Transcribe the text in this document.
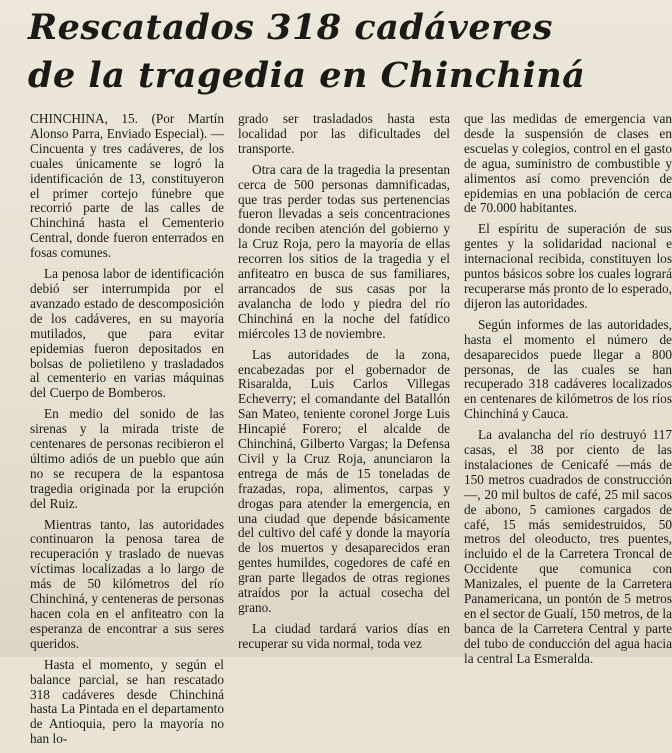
Rescatados 318 cadáveres
de la tragedia en Chinchiná

CHINCHINA, 15. (Por Martín Alonso Parra, Enviado Especial). — Cincuenta y tres cadáveres, de los cuales únicamente se logró la identificación de 13, constituyeron el primer cortejo fúnebre que recorrió parte de las calles de Chinchiná hasta el Cementerio Central, donde fueron enterrados en fosas comunes.

La penosa labor de identificación debió ser interrumpida por el avanzado estado de descomposición de los cadáveres, en su mayoría mutilados, que para evitar epidemias fueron depositados en bolsas de polietileno y trasladados al cementerio en varias máquinas del Cuerpo de Bomberos.

En medio del sonido de las sirenas y la mirada triste de centenares de personas recibieron el último adiós de un pueblo que aún no se recupera de la espantosa tragedia originada por la erupción del Ruiz.

Mientras tanto, las autoridades continuaron la penosa tarea de recuperación y traslado de nuevas víctimas localizadas a lo largo de más de 50 kilómetros del río Chinchiná, y centeneras de personas hacen cola en el anfiteatro con la esperanza de encontrar a sus seres queridos.

Hasta el momento, y según el balance parcial, se han rescatado 318 cadáveres desde Chinchiná hasta La Pintada en el departamento de Antioquia, pero la mayoría no han lo-

grado ser trasladados hasta esta localidad por las dificultades del transporte.

Otra cara de la tragedia la presentan cerca de 500 personas damnificadas, que tras perder todas sus pertenencias fueron llevadas a seis concentraciones donde reciben atención del gobierno y la Cruz Roja, pero la mayoría de ellas recorren los sitios de la tragedia y el anfiteatro en busca de sus familiares, arrancados de sus casas por la avalancha de lodo y piedra del río Chinchiná en la noche del fatídico miércoles 13 de noviembre.

Las autoridades de la zona, encabezadas por el gobernador de Risaralda, Luis Carlos Villegas Echeverry; el comandante del Batallón San Mateo, teniente coronel Jorge Luis Hincapié Forero; el alcalde de Chinchiná, Gilberto Vargas; la Defensa Civil y la Cruz Roja, anunciaron la entrega de más de 15 toneladas de frazadas, ropa, alimentos, carpas y drogas para atender la emergencia, en una ciudad que depende básicamente del cultivo del café y donde la mayoría de los muertos y desaparecidos eran gentes humildes, cogedores de café en gran parte llegados de otras regiones atraídos por la actual cosecha del grano.

La ciudad tardará varios días en recuperar su vida normal, toda vez

que las medidas de emergencia van desde la suspensión de clases en escuelas y colegios, control en el gasto de agua, suministro de combustible y alimentos así como prevención de epidemias en una población de cerca de 70.000 habitantes.

El espíritu de superación de sus gentes y la solidaridad nacional e internacional recibida, constituyen los puntos básicos sobre los cuales logrará recuperarse más pronto de lo esperado, dijeron las autoridades.

Según informes de las autoridades, hasta el momento el número de desaparecidos puede llegar a 800 personas, de las cuales se han recuperado 318 cadáveres localizados en centenares de kilómetros de los ríos Chinchiná y Cauca.

La avalancha del río destruyó 117 casas, el 38 por ciento de las instalaciones de Cenicafé —más de 150 metros cuadrados de construcción—, 20 mil bultos de café, 25 mil sacos de abono, 5 camiones cargados de café, 15 más semidestruidos, 50 metros del oleoducto, tres puentes, incluido el de la Carretera Troncal de Occidente que comunica con Manizales, el puente de la Carretera Panamericana, un pontón de 5 metros en el sector de Gualí, 150 metros, de la banca de la Carretera Central y parte del tubo de conducción del agua hacia la central La Esmeralda.
